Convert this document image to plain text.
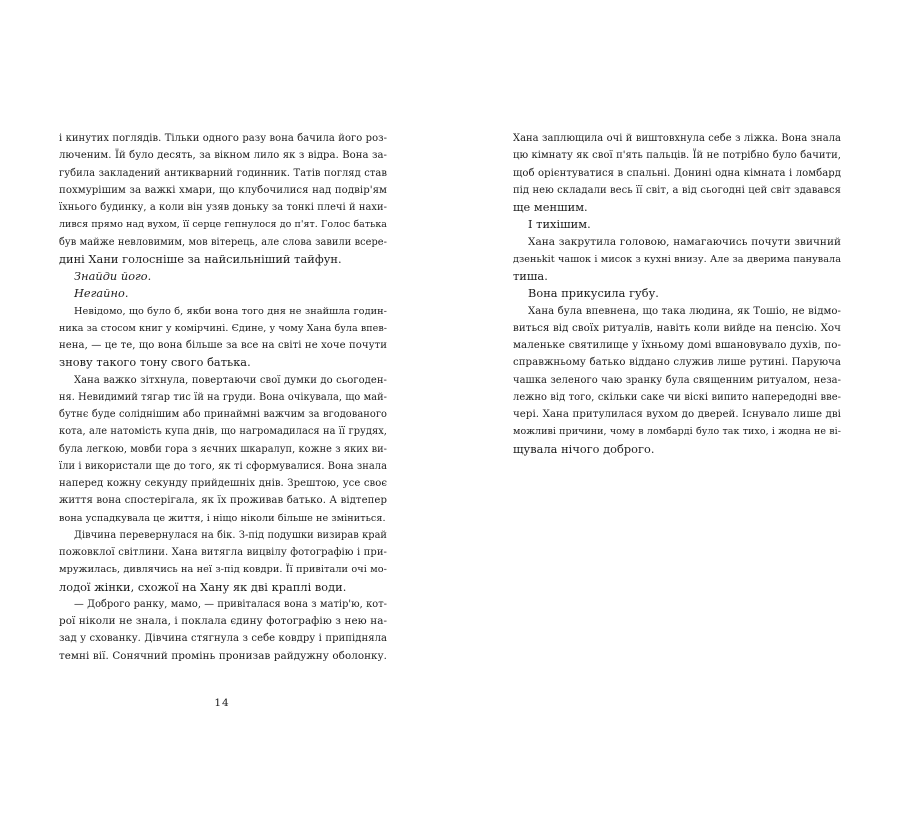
і кинутих поглядів. Тільки одного разу вона бачила його роз-
люченим. Їй було десять, за вікном лило як з відра. Вона за-
губила закладений антикварний годинник. Татів погляд став
похмурішим за важкі хмари, що клубочилися над подвір'ям
їхнього будинку, а коли він узяв доньку за тонкі плечі й нахи-
лився прямо над вухом, її серце гепнулося до п'ят. Голос батька
був майже невловимим, мов вітерець, але слова завили всере-
дині Хани голосніше за найсильніший тайфун.
Знайди його.
Негайно.
Невідомо, що було б, якби вона того дня не знайшла годин-
ника за стосом книг у комірчині. Єдине, у чому Хана була впев-
нена, — це те, що вона більше за все на світі не хоче почути
знову такого тону свого батька.
Хана важко зітхнула, повертаючи свої думки до сьогоден-
ня. Невидимий тягар тис їй на груди. Вона очікувала, що май-
бутнє буде соліднішим або принаймні важчим за вгодованого
кота, але натомість купа днів, що нагромадилася на її грудях,
була легкою, мовби гора з яєчних шкаралуп, кожне з яких ви-
їли і використали ще до того, як ті сформувалися. Вона знала
наперед кожну секунду прийдешніх днів. Зрештою, усе своє
життя вона спостерігала, як їх проживав батько. А відтепер
вона успадкувала це життя, і ніщо ніколи більше не зміниться.
Дівчина перевернулася на бік. З-під подушки визирав край
пожовклої світлини. Хана витягла вицвілу фотографію і при-
мружилась, дивлячись на неї з-під ковдри. Її привітали очі мо-
лодої жінки, схожої на Хану як дві краплі води.
— Доброго ранку, мамо, — привіталася вона з матір'ю, кот-
рої ніколи не знала, і поклала єдину фотографію з нею на-
зад у схованку. Дівчина стягнула з себе ковдру і припідняла
темні вії. Сонячний промінь пронизав райдужну оболонку.
14
Хана заплющила очі й виштовхнула себе з ліжка. Вона знала
цю кімнату як свої п'ять пальців. Їй не потрібно було бачити,
щоб орієнтуватися в спальні. Донині одна кімната і ломбард
під нею складали весь її світ, а від сьогодні цей світ здавався
ще меншим.
І тихішим.
Хана закрутила головою, намагаючись почути звичний
дзеньkit чашок і мисок з кухні внизу. Але за дверима панувала
тиша.
Вона прикусила губу.
Хана була впевнена, що така людина, як Тошіо, не відмо-
виться від своїх ритуалів, навіть коли вийде на пенсію. Хоч
маленьке святилище у їхньому домі вшановувало духів, по-
справжньому батько віддано служив лише рутині. Паруюча
чашка зеленого чаю зранку була священним ритуалом, неза-
лежно від того, скільки саке чи віскі випито напередодні вве-
чері. Хана притулилася вухом до дверей. Існувало лише дві
можливі причини, чому в ломбарді було так тихо, і жодна не ві-
щувала нічого доброго.
